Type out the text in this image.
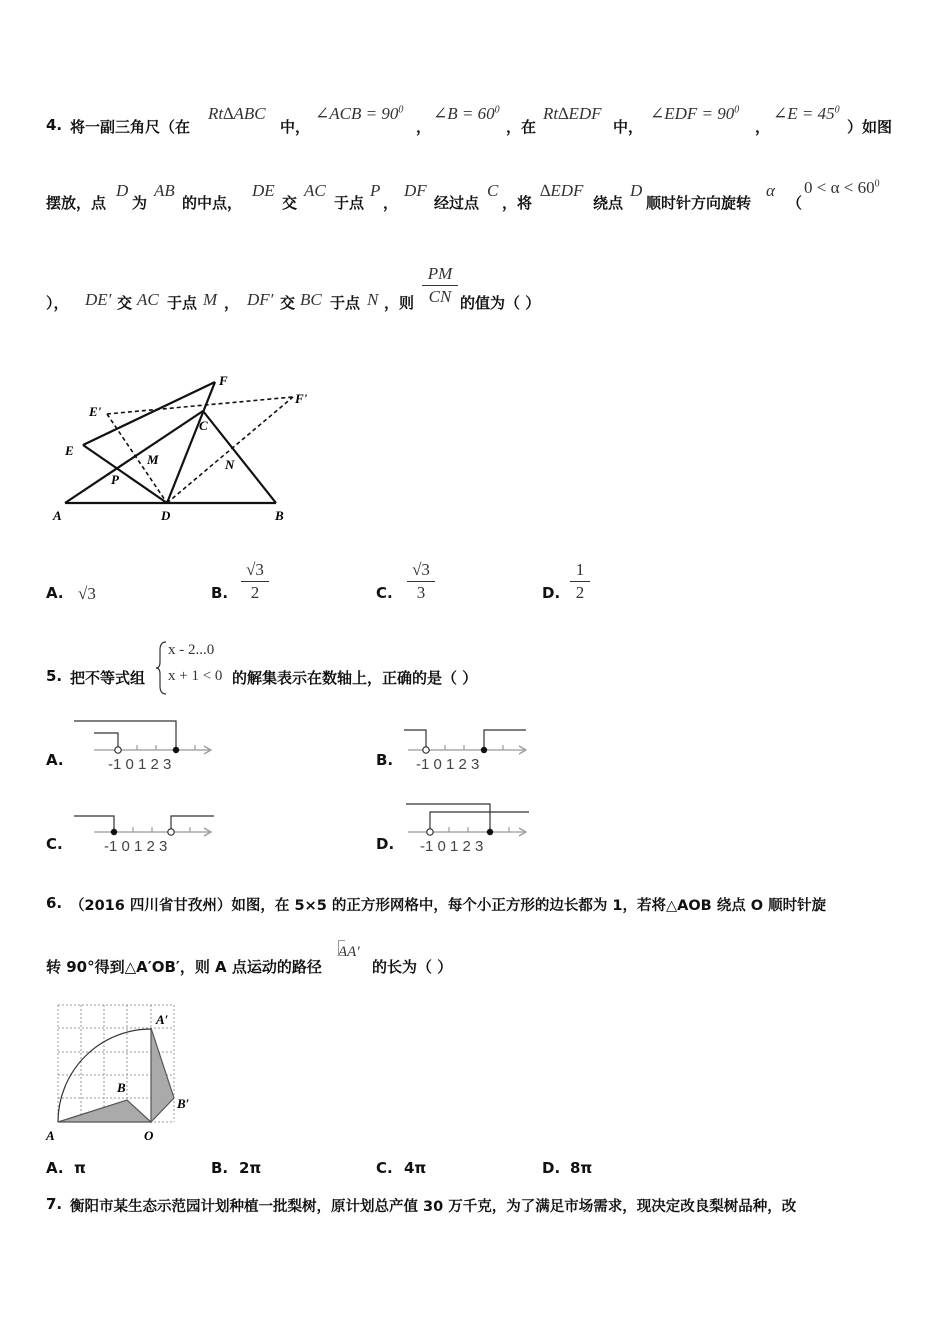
4. 将一副三角尺（在
Rt∆ABC
中，
∠ACB = $90^0$
，
∠B = $60^0$
，在
Rt∆EDF
中，
∠EDF = $90^0$
，
∠E = $45^0$
）如图
摆放，点
D
为
AB
的中点，
DE
交
AC
于点
P
，
DF
经过点
C
，将
∆EDF
绕点
D
顺时针方向旋转
α
（
$0 < \alpha < 60^0$
）， DE′ 交 AC 于点 M ， DF′ 交 BC 于点 N ，则
PM
CN 的值为（ ）
F
F'
E'
C
E
M	N
P
A	D	B
A. √3	B.
√3
2	C.
√3
3	D.
1
2
5. 把不等式组
x - 2...0
x + 1 < 0 的解集表示在数轴上，正确的是（ ）
A.	-1 0 1 2 3	B. -1 0 1 2 3
C.	-1 0 1 2 3	D. -1 0 1 2 3
6. （2016 四川省甘孜州）如图，在 5×5 的正方形网格中，每个小正方形的边长都为 1，若将△AOB 绕点 O 顺时针旋
转 90°得到△A′OB′，则 A 点运动的路径
AA′
的长为（ ）
A	O
B
A′
B′
A. π	B. 2π	C. 4π	D. 8π
7. 衡阳市某生态示范园计划种植一批梨树，原计划总产值 30 万千克，为了满足市场需求，现决定改良梨树品种，改
